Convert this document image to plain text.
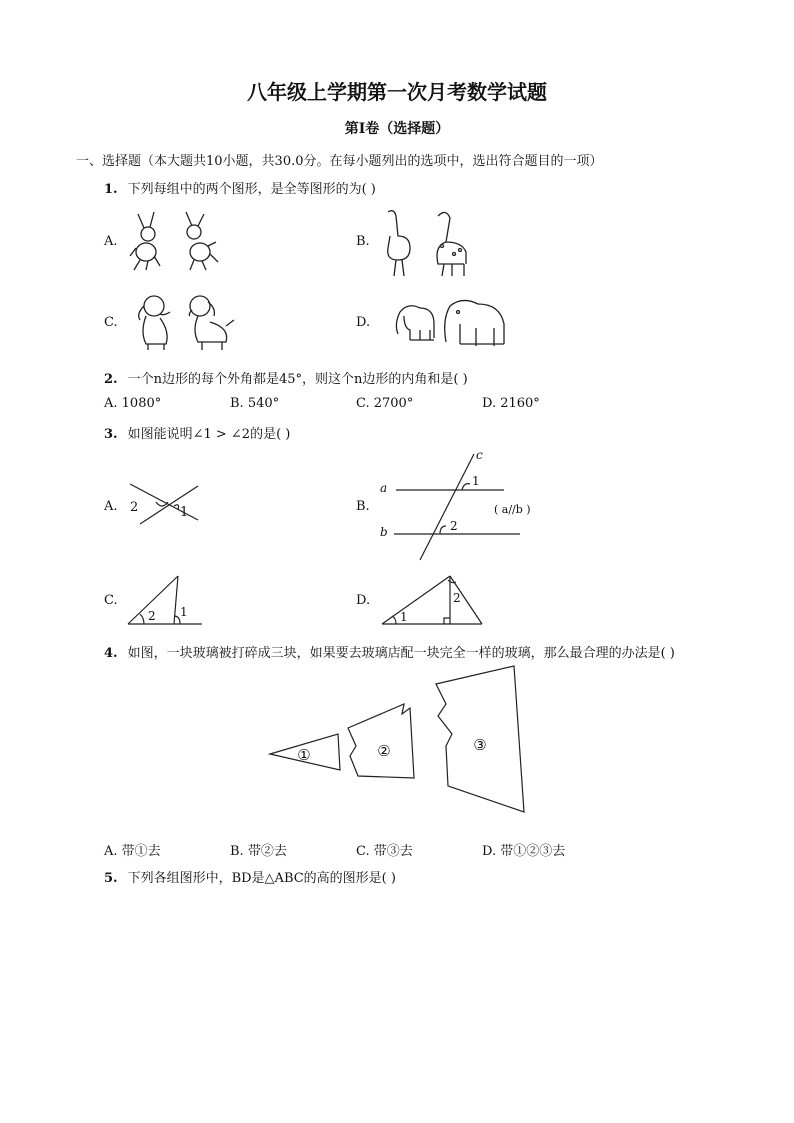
八年级上学期第一次月考数学试题
第Ⅰ卷（选择题）
一、选择题（本大题共10小题，共30.0分。在每小题列出的选项中，选出符合题目的一项）
1. 下列每组中的两个图形，是全等图形的为( )
A.	B.
C.	D.
2. 一个n边形的每个外角都是45°，则这个n边形的内角和是( )
A. 1080°	B. 540°	C. 2700°	D. 2160°
3. 如图能说明∠1 > ∠2的是( )
A.	B.
C.	D.
2	1
c
a
b
1
2
( a//b )
2 1	1
2
4. 如图，一块玻璃被打碎成三块，如果要去玻璃店配一块完全一样的玻璃，那么最合理的办法是( )
①	②	③
A. 带①去	B. 带②去	C. 带③去	D. 带①②③去
5. 下列各组图形中，BD是△ABC的高的图形是( )
